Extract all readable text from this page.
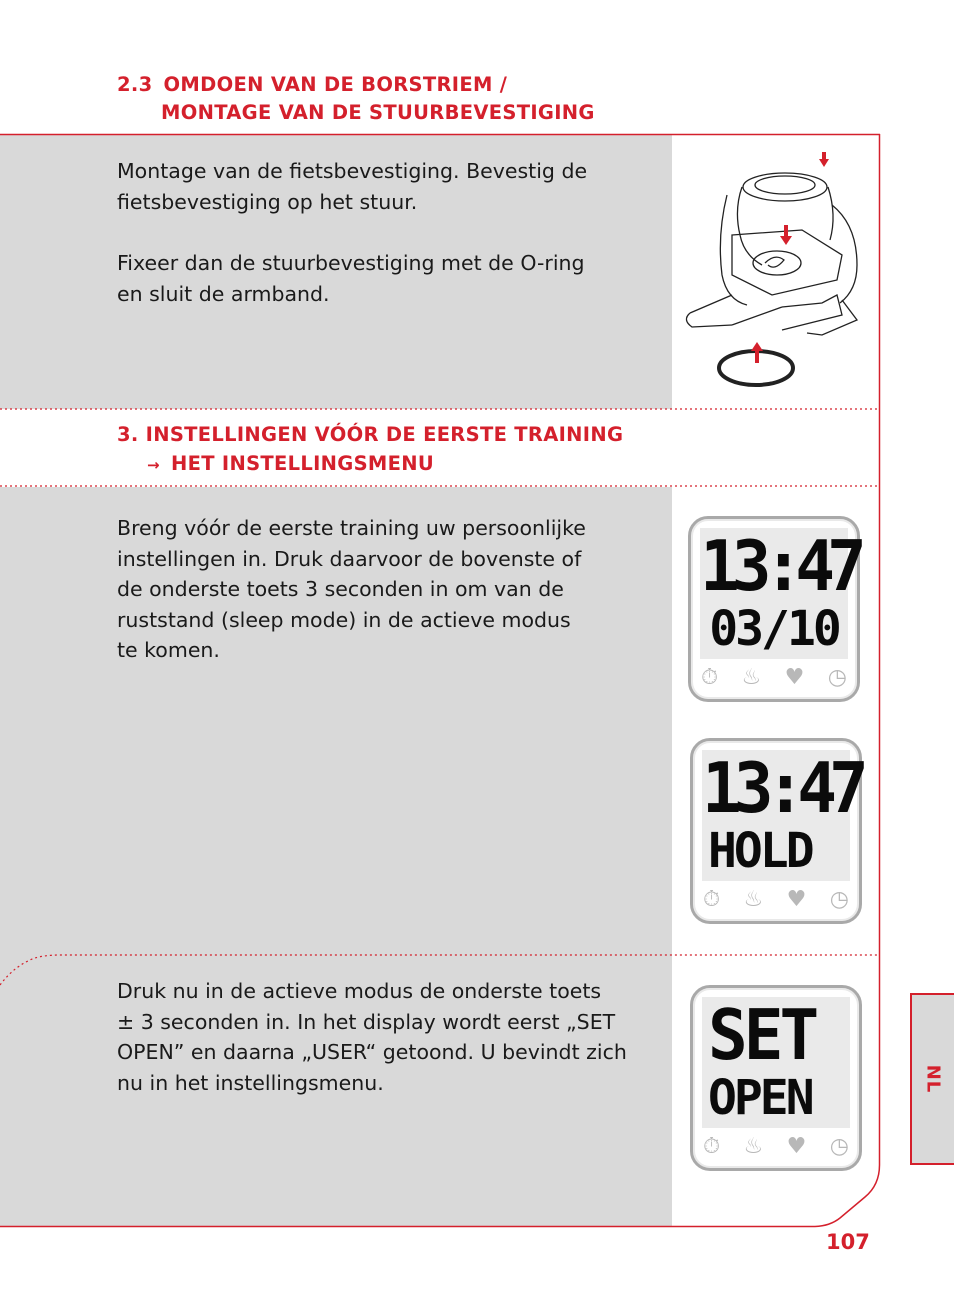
2.3 OMDOEN VAN DE BORSTRIEM /
MONTAGE VAN DE STUURBEVESTIGING
Montage van de fietsbevestiging. Bevestig de
fietsbevestiging op het stuur.
Fixeer dan de stuurbevestiging met de O-ring
en sluit de armband.
3. INSTELLINGEN VÓÓR DE EERSTE TRAINING
→ HET INSTELLINGSMENU
Breng vóór de eerste training uw persoonlijke
instellingen in. Druk daarvoor de bovenste of
de onderste toets 3 seconden in om van de
ruststand (sleep mode) in de actieve modus
te komen.
Druk nu in de actieve modus de onderste toets
± 3 seconden in. In het display wordt eerst „SET
OPEN” en daarna „USER“ getoond. U bevindt zich
nu in het instellingsmenu.
13:47
03/10
⏱ ♨ ♥ ◷
13:47
HOLD
⏱ ♨ ♥ ◷
SET
OPEN
⏱ ♨ ♥ ◷
NL
107
